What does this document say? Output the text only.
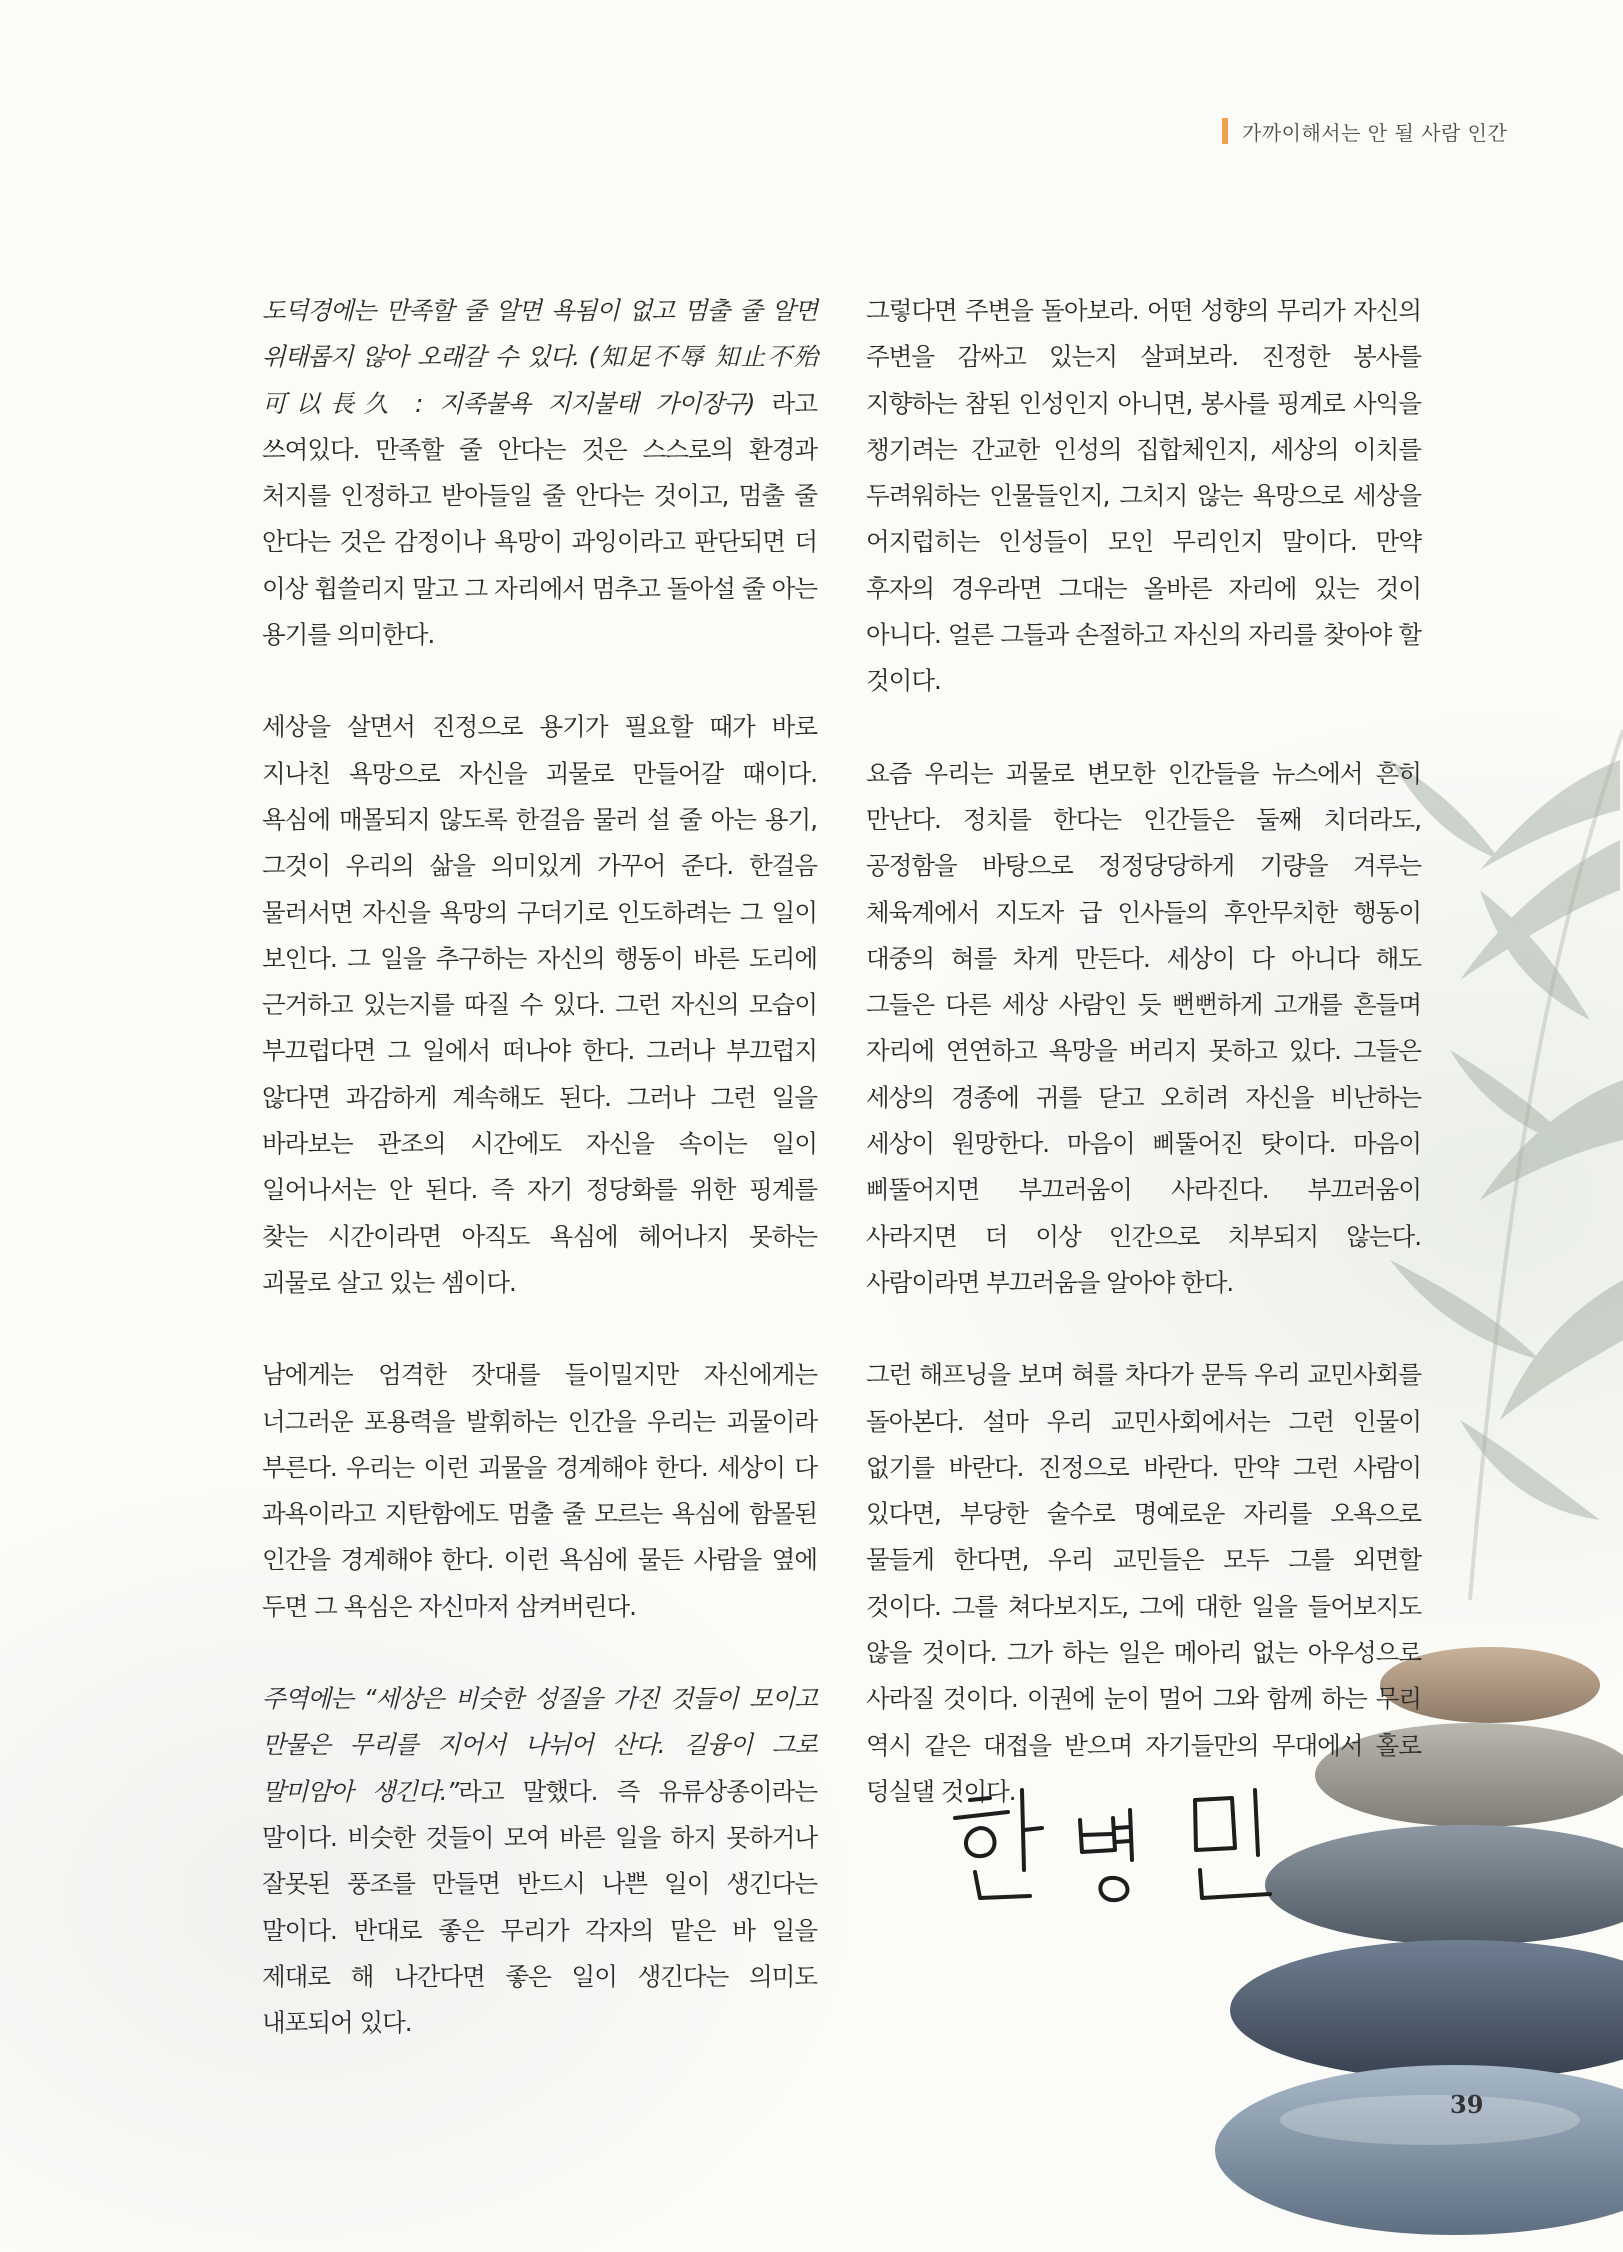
가까이해서는 안 될 사람 인간

도덕경에는 만족할 줄 알면 욕됨이 없고 멈출 줄 알면 위태롭지 않아 오래갈 수 있다. (知足不辱 知止不殆 可以長久 : 지족불욕 지지불태 가이장구) 라고 쓰여있다. 만족할 줄 안다는 것은 스스로의 환경과 처지를 인정하고 받아들일 줄 안다는 것이고, 멈출 줄 안다는 것은 감정이나 욕망이 과잉이라고 판단되면 더 이상 휩쓸리지 말고 그 자리에서 멈추고 돌아설 줄 아는 용기를 의미한다.

세상을 살면서 진정으로 용기가 필요할 때가 바로 지나친 욕망으로 자신을 괴물로 만들어갈 때이다. 욕심에 매몰되지 않도록 한걸음 물러 설 줄 아는 용기, 그것이 우리의 삶을 의미있게 가꾸어 준다. 한걸음 물러서면 자신을 욕망의 구더기로 인도하려는 그 일이 보인다. 그 일을 추구하는 자신의 행동이 바른 도리에 근거하고 있는지를 따질 수 있다. 그런 자신의 모습이 부끄럽다면 그 일에서 떠나야 한다. 그러나 부끄럽지 않다면 과감하게 계속해도 된다. 그러나 그런 일을 바라보는 관조의 시간에도 자신을 속이는 일이 일어나서는 안 된다. 즉 자기 정당화를 위한 핑계를 찾는 시간이라면 아직도 욕심에 헤어나지 못하는 괴물로 살고 있는 셈이다.

남에게는 엄격한 잣대를 들이밀지만 자신에게는 너그러운 포용력을 발휘하는 인간을 우리는 괴물이라 부른다. 우리는 이런 괴물을 경계해야 한다. 세상이 다 과욕이라고 지탄함에도 멈출 줄 모르는 욕심에 함몰된 인간을 경계해야 한다. 이런 욕심에 물든 사람을 옆에 두면 그 욕심은 자신마저 삼켜버린다.

주역에는 “세상은 비슷한 성질을 가진 것들이 모이고 만물은 무리를 지어서 나뉘어 산다. 길융이 그로 말미암아 생긴다.”라고 말했다. 즉 유류상종이라는 말이다. 비슷한 것들이 모여 바른 일을 하지 못하거나 잘못된 풍조를 만들면 반드시 나쁜 일이 생긴다는 말이다. 반대로 좋은 무리가 각자의 맡은 바 일을 제대로 해 나간다면 좋은 일이 생긴다는 의미도 내포되어 있다.

그렇다면 주변을 돌아보라. 어떤 성향의 무리가 자신의 주변을 감싸고 있는지 살펴보라. 진정한 봉사를 지향하는 참된 인성인지 아니면, 봉사를 핑계로 사익을 챙기려는 간교한 인성의 집합체인지, 세상의 이치를 두려워하는 인물들인지, 그치지 않는 욕망으로 세상을 어지럽히는 인성들이 모인 무리인지 말이다. 만약 후자의 경우라면 그대는 올바른 자리에 있는 것이 아니다. 얼른 그들과 손절하고 자신의 자리를 찾아야 할 것이다.

요즘 우리는 괴물로 변모한 인간들을 뉴스에서 흔히 만난다. 정치를 한다는 인간들은 둘째 치더라도, 공정함을 바탕으로 정정당당하게 기량을 겨루는 체육계에서 지도자 급 인사들의 후안무치한 행동이 대중의 혀를 차게 만든다. 세상이 다 아니다 해도 그들은 다른 세상 사람인 듯 뻔뻔하게 고개를 흔들며 자리에 연연하고 욕망을 버리지 못하고 있다. 그들은 세상의 경종에 귀를 닫고 오히려 자신을 비난하는 세상이 원망한다. 마음이 삐뚤어진 탓이다. 마음이 삐뚤어지면 부끄러움이 사라진다. 부끄러움이 사라지면 더 이상 인간으로 치부되지 않는다. 사람이라면 부끄러움을 알아야 한다.

그런 해프닝을 보며 혀를 차다가 문득 우리 교민사회를 돌아본다. 설마 우리 교민사회에서는 그런 인물이 없기를 바란다. 진정으로 바란다. 만약 그런 사람이 있다면, 부당한 술수로 명예로운 자리를 오욕으로 물들게 한다면, 우리 교민들은 모두 그를 외면할 것이다. 그를 쳐다보지도, 그에 대한 일을 들어보지도 않을 것이다. 그가 하는 일은 메아리 없는 아우성으로 사라질 것이다. 이권에 눈이 멀어 그와 함께 하는 무리 역시 같은 대접을 받으며 자기들만의 무대에서 홀로 덩실댈 것이다.

39
